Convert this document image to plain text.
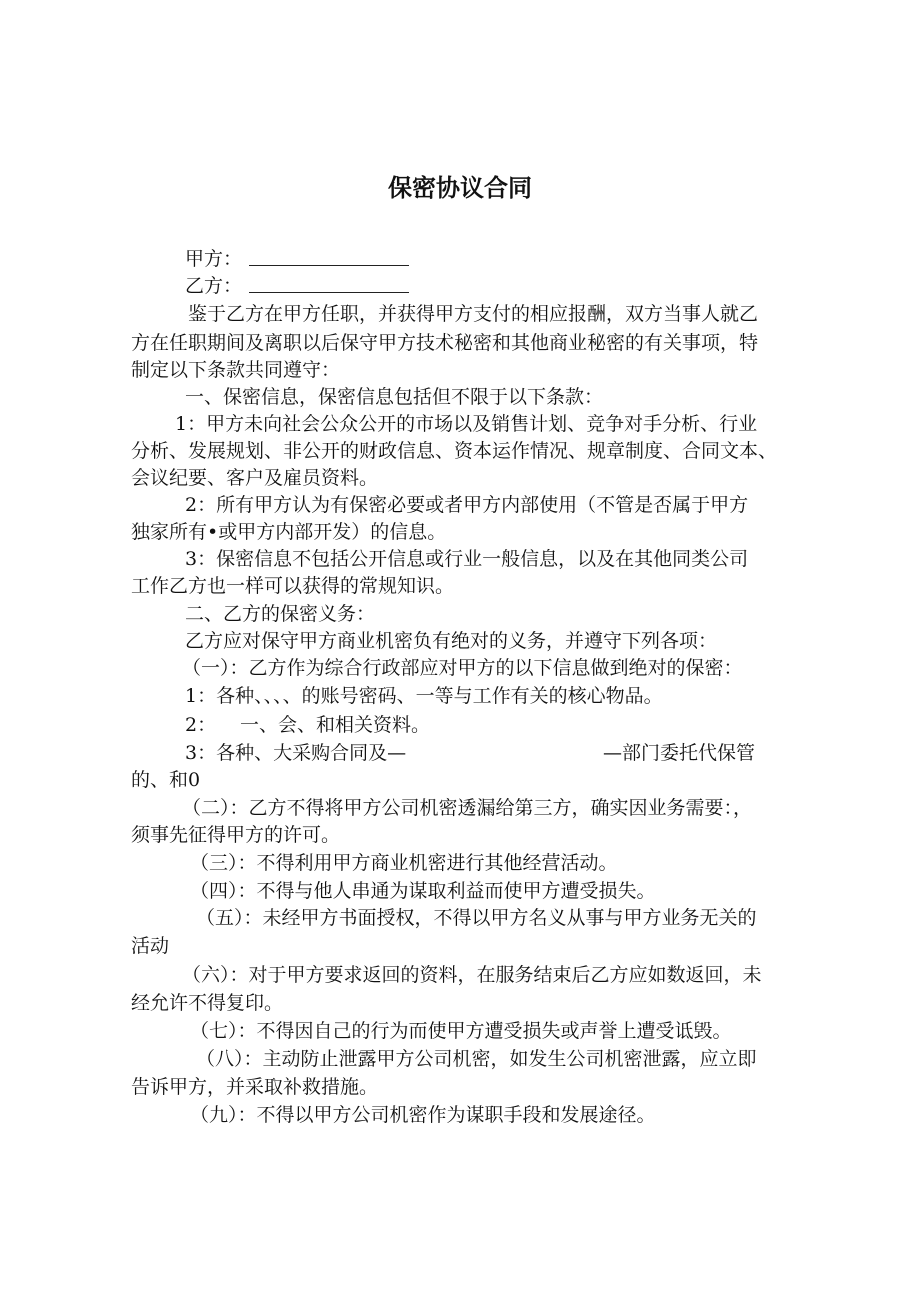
保密协议合同
甲方：
乙方：
鉴于乙方在甲方任职，并获得甲方支付的相应报酬，双方当事人就乙
方在任职期间及离职以后保守甲方技术秘密和其他商业秘密的有关事项，特
制定以下条款共同遵守：
一、保密信息，保密信息包括但不限于以下条款：
1：甲方未向社会公众公开的市场以及销售计划、竞争对手分析、行业
分析、发展规划、非公开的财政信息、资本运作情况、规章制度、合同文本、
会议纪要、客户及雇员资料。
2：所有甲方认为有保密必要或者甲方内部使用（不管是否属于甲方
独家所有•或甲方内部开发）的信息。
3：保密信息不包括公开信息或行业一般信息，以及在其他同类公司
工作乙方也一样可以获得的常规知识。
二、乙方的保密义务：
乙方应对保守甲方商业机密负有绝对的义务，并遵守下列各项：
（一）：乙方作为综合行政部应对甲方的以下信息做到绝对的保密：
1：各种、、、、的账号密码、一等与工作有关的核心物品。
2： 一、会、和相关资料。
3：各种、大采购合同及—	—部门委托代保管
的、和0
（二）：乙方不得将甲方公司机密透漏给第三方，确实因业务需要：，
须事先征得甲方的许可。
（三）：不得利用甲方商业机密进行其他经营活动。
（四）：不得与他人串通为谋取利益而使甲方遭受损失。
（五）：未经甲方书面授权，不得以甲方名义从事与甲方业务无关的
活动
（六）：对于甲方要求返回的资料，在服务结束后乙方应如数返回，未
经允许不得复印。
（七）：不得因自己的行为而使甲方遭受损失或声誉上遭受诋毁。
（八）：主动防止泄露甲方公司机密，如发生公司机密泄露，应立即
告诉甲方，并采取补救措施。
（九）：不得以甲方公司机密作为谋职手段和发展途径。
